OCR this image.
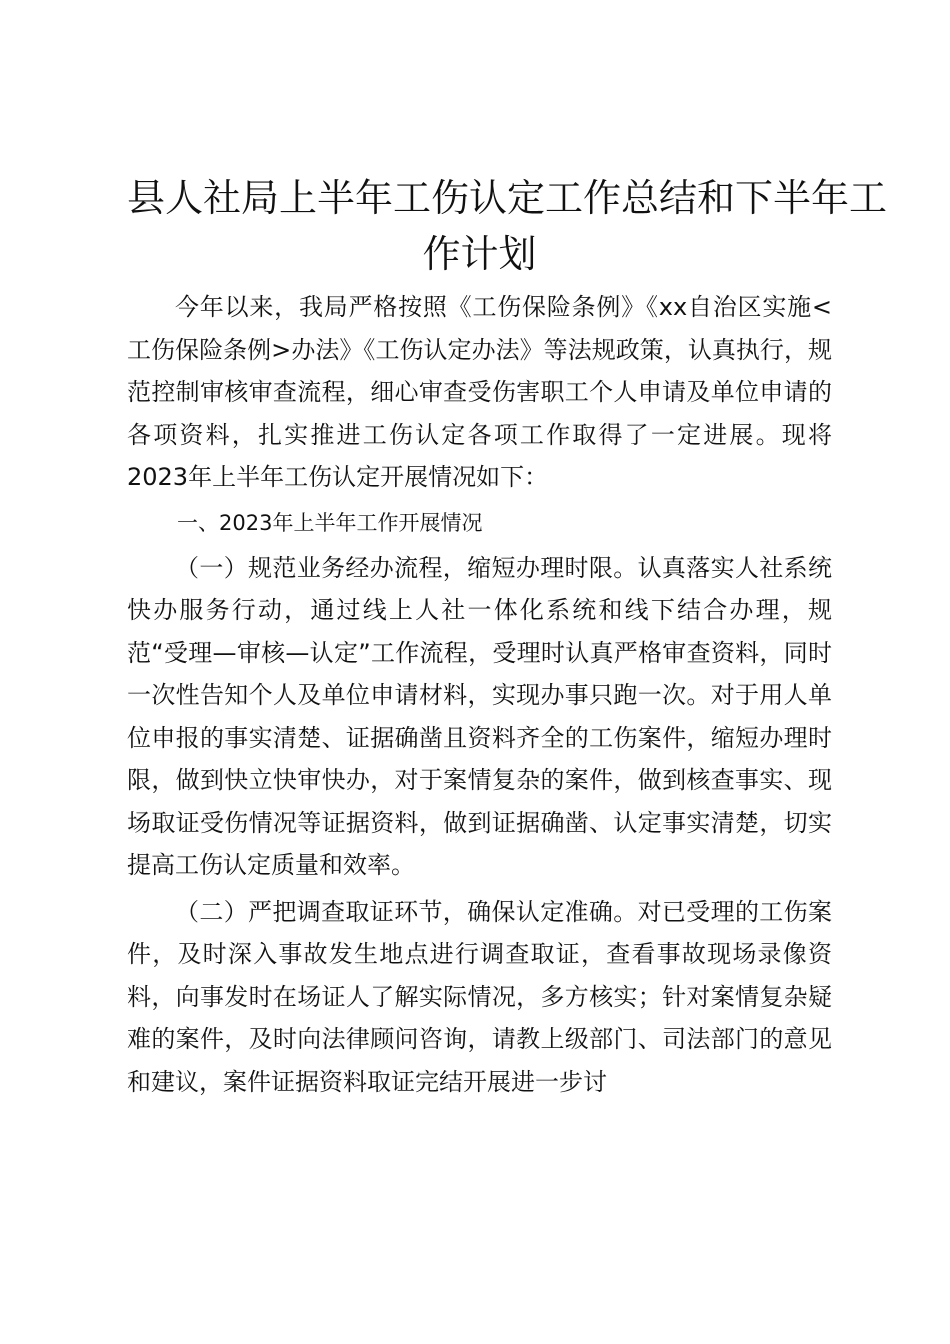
县人社局上半年工伤认定工作总结和下半年工
作计划

今年以来，我局严格按照《工伤保险条例》《xx自治区实施<工伤保险条例>办法》《工伤认定办法》等法规政策，认真执行，规范控制审核审查流程，细心审查受伤害职工个人申请及单位申请的各项资料，扎实推进工伤认定各项工作取得了一定进展。现将2023年上半年工伤认定开展情况如下：

一、2023年上半年工作开展情况

（一）规范业务经办流程，缩短办理时限。认真落实人社系统快办服务行动，通过线上人社一体化系统和线下结合办理，规范“受理—审核—认定”工作流程，受理时认真严格审查资料，同时一次性告知个人及单位申请材料，实现办事只跑一次。对于用人单位申报的事实清楚、证据确凿且资料齐全的工伤案件，缩短办理时限，做到快立快审快办，对于案情复杂的案件，做到核查事实、现场取证受伤情况等证据资料，做到证据确凿、认定事实清楚，切实提高工伤认定质量和效率。

（二）严把调查取证环节，确保认定准确。对已受理的工伤案件，及时深入事故发生地点进行调查取证，查看事故现场录像资料，向事发时在场证人了解实际情况，多方核实；针对案情复杂疑难的案件，及时向法律顾问咨询，请教上级部门、司法部门的意见和建议，案件证据资料取证完结开展进一步讨
